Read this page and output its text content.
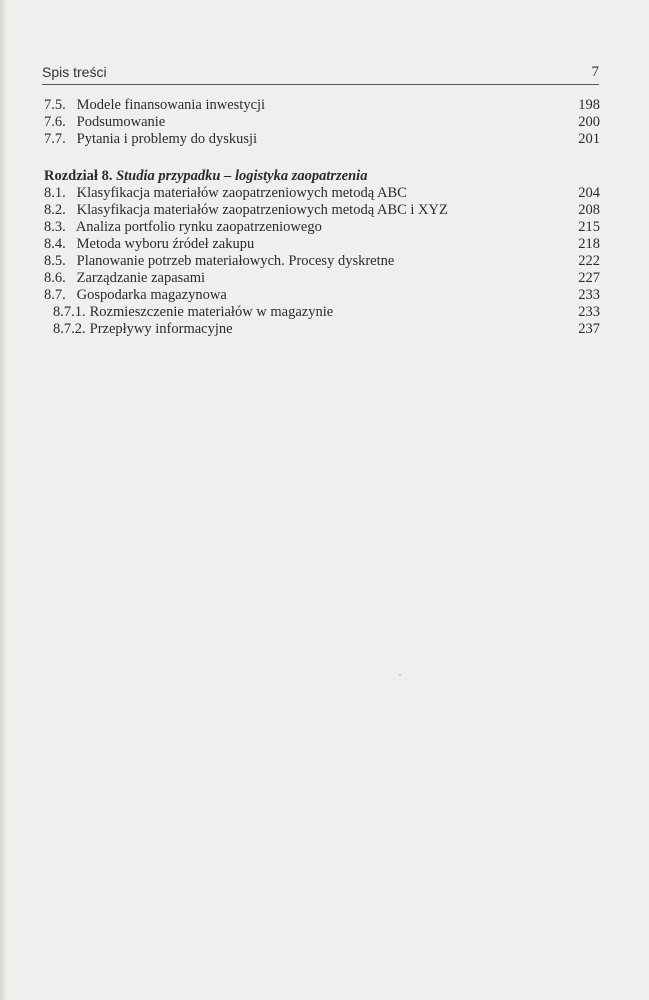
Spis treści	7
7.5. Modele finansowania inwestycji	198
7.6. Podsumowanie	200
7.7. Pytania i problemy do dyskusji	201
Rozdział 8. Studia przypadku – logistyka zaopatrzenia
8.1. Klasyfikacja materiałów zaopatrzeniowych metodą ABC	204
8.2. Klasyfikacja materiałów zaopatrzeniowych metodą ABC i XYZ	208
8.3. Analiza portfolio rynku zaopatrzeniowego	215
8.4. Metoda wyboru źródeł zakupu	218
8.5. Planowanie potrzeb materiałowych. Procesy dyskretne	222
8.6. Zarządzanie zapasami	227
8.7. Gospodarka magazynowa	233
8.7.1. Rozmieszczenie materiałów w magazynie	233
8.7.2. Przepływy informacyjne	237
